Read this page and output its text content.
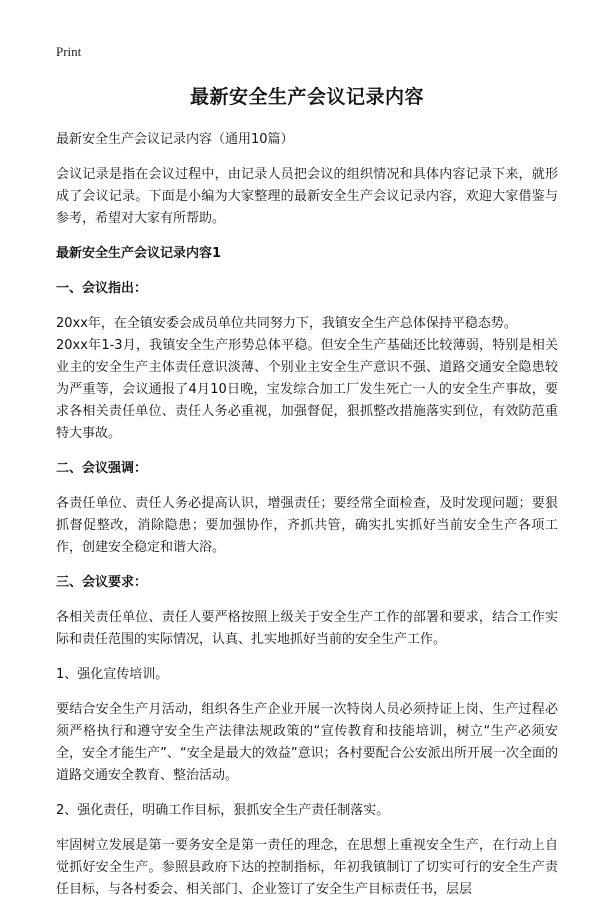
Print
最新安全生产会议记录内容

最新安全生产会议记录内容（通用10篇）

会议记录是指在会议过程中，由记录人员把会议的组织情况和具体内容记录下来，就形成了会议记录。下面是小编为大家整理的最新安全生产会议记录内容，欢迎大家借鉴与参考，希望对大家有所帮助。

最新安全生产会议记录内容1

一、会议指出：

20xx年，在全镇安委会成员单位共同努力下，我镇安全生产总体保持平稳态势。

20xx年1-3月，我镇安全生产形势总体平稳。但安全生产基础还比较薄弱，特别是相关业主的安全生产主体责任意识淡薄、个别业主安全生产意识不强、道路交通安全隐患较为严重等，会议通报了4月10日晚，宝发综合加工厂发生死亡一人的安全生产事故，要求各相关责任单位、责任人务必重视，加强督促，狠抓整改措施落实到位，有效防范重特大事故。

二、会议强调：

各责任单位、责任人务必提高认识，增强责任；要经常全面检查，及时发现问题；要狠抓督促整改，消除隐患；要加强协作，齐抓共管，确实扎实抓好当前安全生产各项工作，创建安全稳定和谐大浴。

三、会议要求：

各相关责任单位、责任人要严格按照上级关于安全生产工作的部署和要求，结合工作实际和责任范围的实际情况，认真、扎实地抓好当前的安全生产工作。

1、强化宣传培训。

要结合安全生产月活动，组织各生产企业开展一次特岗人员必须持证上岗、生产过程必须严格执行和遵守安全生产法律法规政策的“宣传教育和技能培训，树立“生产必须安全，安全才能生产”、“安全是最大的效益”意识；各村要配合公安派出所开展一次全面的道路交通安全教育、整治活动。

2、强化责任，明确工作目标，狠抓安全生产责任制落实。

牢固树立发展是第一要务安全是第一责任的理念，在思想上重视安全生产，在行动上自觉抓好安全生产。参照县政府下达的控制指标，年初我镇制订了切实可行的安全生产责任目标，与各村委会、相关部门、企业签订了安全生产目标责任书，层层
